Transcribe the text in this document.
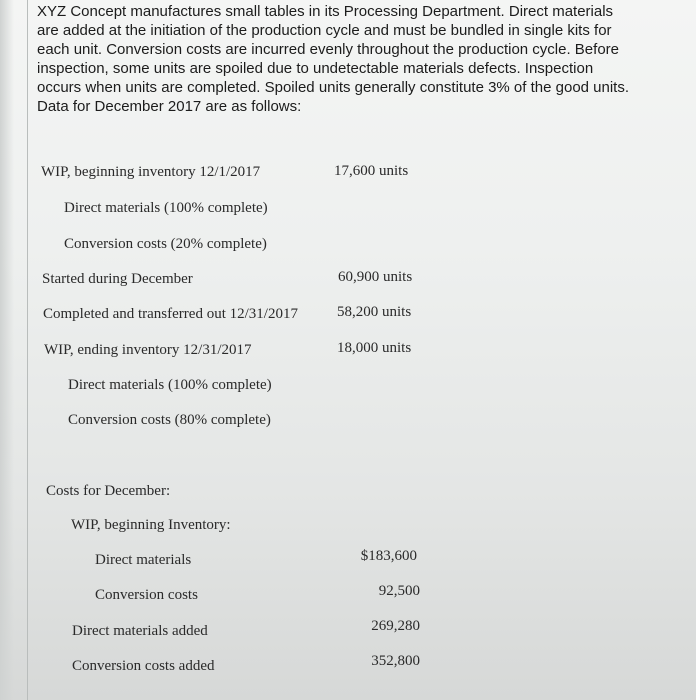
XYZ Concept manufactures small tables in its Processing Department. Direct materials are added at the initiation of the production cycle and must be bundled in single kits for each unit. Conversion costs are incurred evenly throughout the production cycle. Before inspection, some units are spoiled due to undetectable materials defects. Inspection occurs when units are completed. Spoiled units generally constitute 3% of the good units. Data for December 2017 are as follows:

WIP, beginning inventory 12/1/2017	17,600 units
Direct materials (100% complete)
Conversion costs (20% complete)
Started during December	60,900 units
Completed and transferred out 12/31/2017	58,200 units
WIP, ending inventory 12/31/2017	18,000 units
Direct materials (100% complete)
Conversion costs (80% complete)
Costs for December:
WIP, beginning Inventory:
Direct materials	$183,600
Conversion costs	92,500
Direct materials added	269,280
Conversion costs added	352,800
